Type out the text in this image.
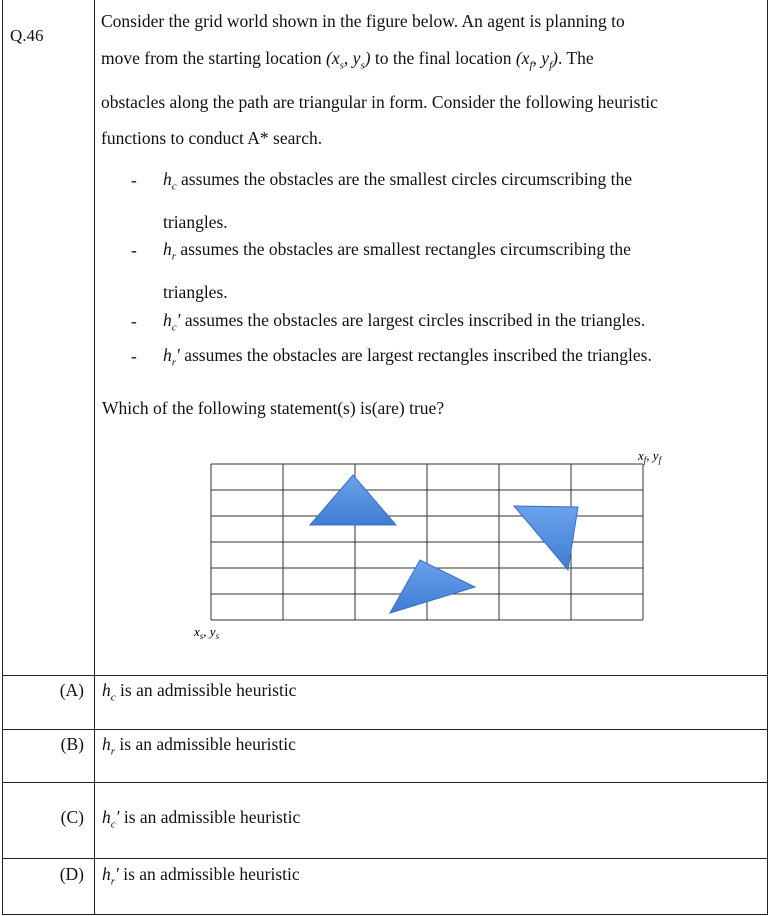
Q.46
Consider the grid world shown in the figure below. An agent is planning to
move from the starting location ($x_s$, $y_s$) to the final location ($x_f$, $y_f$). The
obstacles along the path are triangular in form. Consider the following heuristic
functions to conduct A* search.
- $h_c$ assumes the obstacles are the smallest circles circumscribing the
triangles.
- $h_r$ assumes the obstacles are smallest rectangles circumscribing the
triangles.
- $h_c'$ assumes the obstacles are largest circles inscribed in the triangles.
- $h_r'$ assumes the obstacles are largest rectangles inscribed the triangles.
Which of the following statement(s) is(are) true?
$x_s$, $y_s$
$x_f$, $y_f$
(A) $h_c$ is an admissible heuristic
(B) $h_r$ is an admissible heuristic
(C) $h_c'$ is an admissible heuristic
(D) $h_r'$ is an admissible heuristic
